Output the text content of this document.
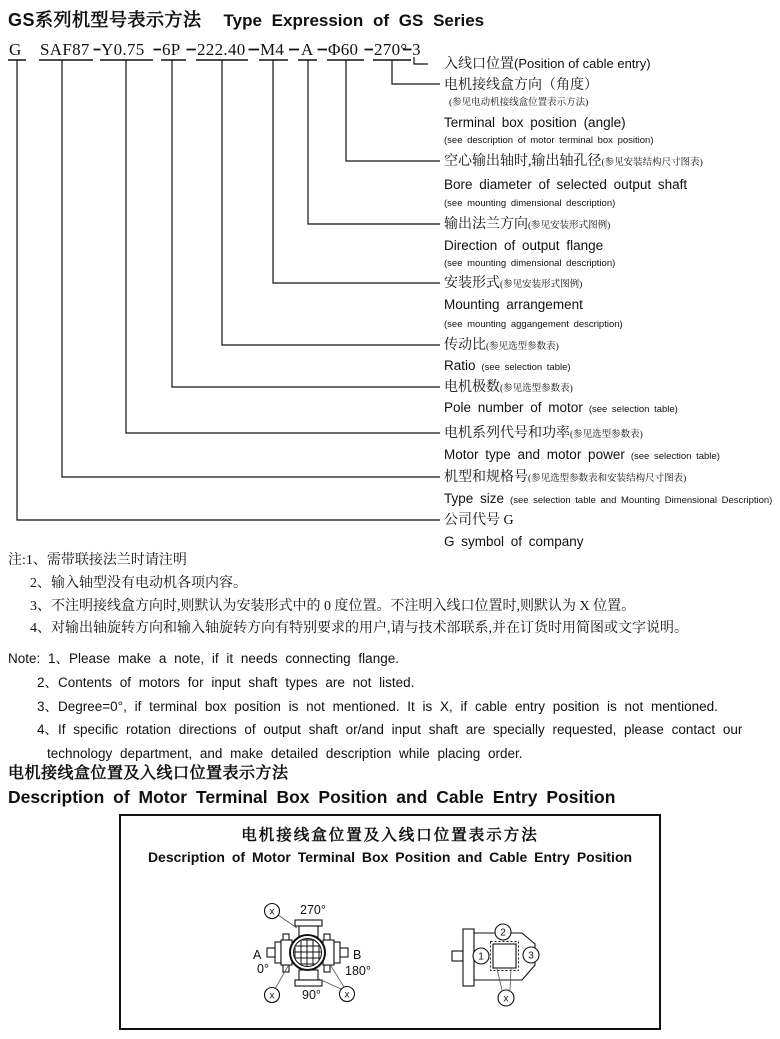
GS系列机型号表示方法 Type Expression of GS Series
G SAF87 Y0.75 6P 222.40 M4 A Φ60 270° 3
入线口位置(Position of cable entry)
电机接线盒方向（角度）
(参见电动机接线盒位置表示方法)
Terminal box position (angle)
(see description of motor terminal box position)
空心输出轴时,输出轴孔径(参见安装结构尺寸图表)
Bore diameter of selected output shaft
(see mounting dimensional description)
输出法兰方向(参见安装形式图例)
Direction of output flange
(see mounting dimensional description)
安装形式(参见安装形式图例)
Mounting arrangement
(see mounting aggangement description)
传动比(参见选型参数表)
Ratio (see selection table)
电机极数(参见选型参数表)
Pole number of motor (see selection table)
电机系列代号和功率(参见选型参数表)
Motor type and motor power (see selection table)
机型和规格号(参见选型参数表和安装结构尺寸图表)
Type size (see selection table and Mounting Dimensional Description)
公司代号 G
G symbol of company
注:1、需带联接法兰时请注明
2、输入轴型没有电动机各项内容。
3、不注明接线盒方向时,则默认为安装形式中的 0 度位置。不注明入线口位置时,则默认为 X 位置。
4、对输出轴旋转方向和输入轴旋转方向有特别要求的用户,请与技术部联系,并在订货时用简图或文字说明。
Note: 1、Please make a note, if it needs connecting flange.
2、Contents of motors for input shaft types are not listed.
3、Degree=0°, if terminal box position is not mentioned. It is X, if cable entry position is not mentioned.
4、If specific rotation directions of output shaft or/and input shaft are specially requested, please contact our
technology department, and make detailed description while placing order.
电机接线盒位置及入线口位置表示方法
Description of Motor Terminal Box Position and Cable Entry Position
电机接线盒位置及入线口位置表示方法
Description of Motor Terminal Box Position and Cable Entry Position
x
x	x
270°
A
0°
B
180°
90°
2
1	3
x
